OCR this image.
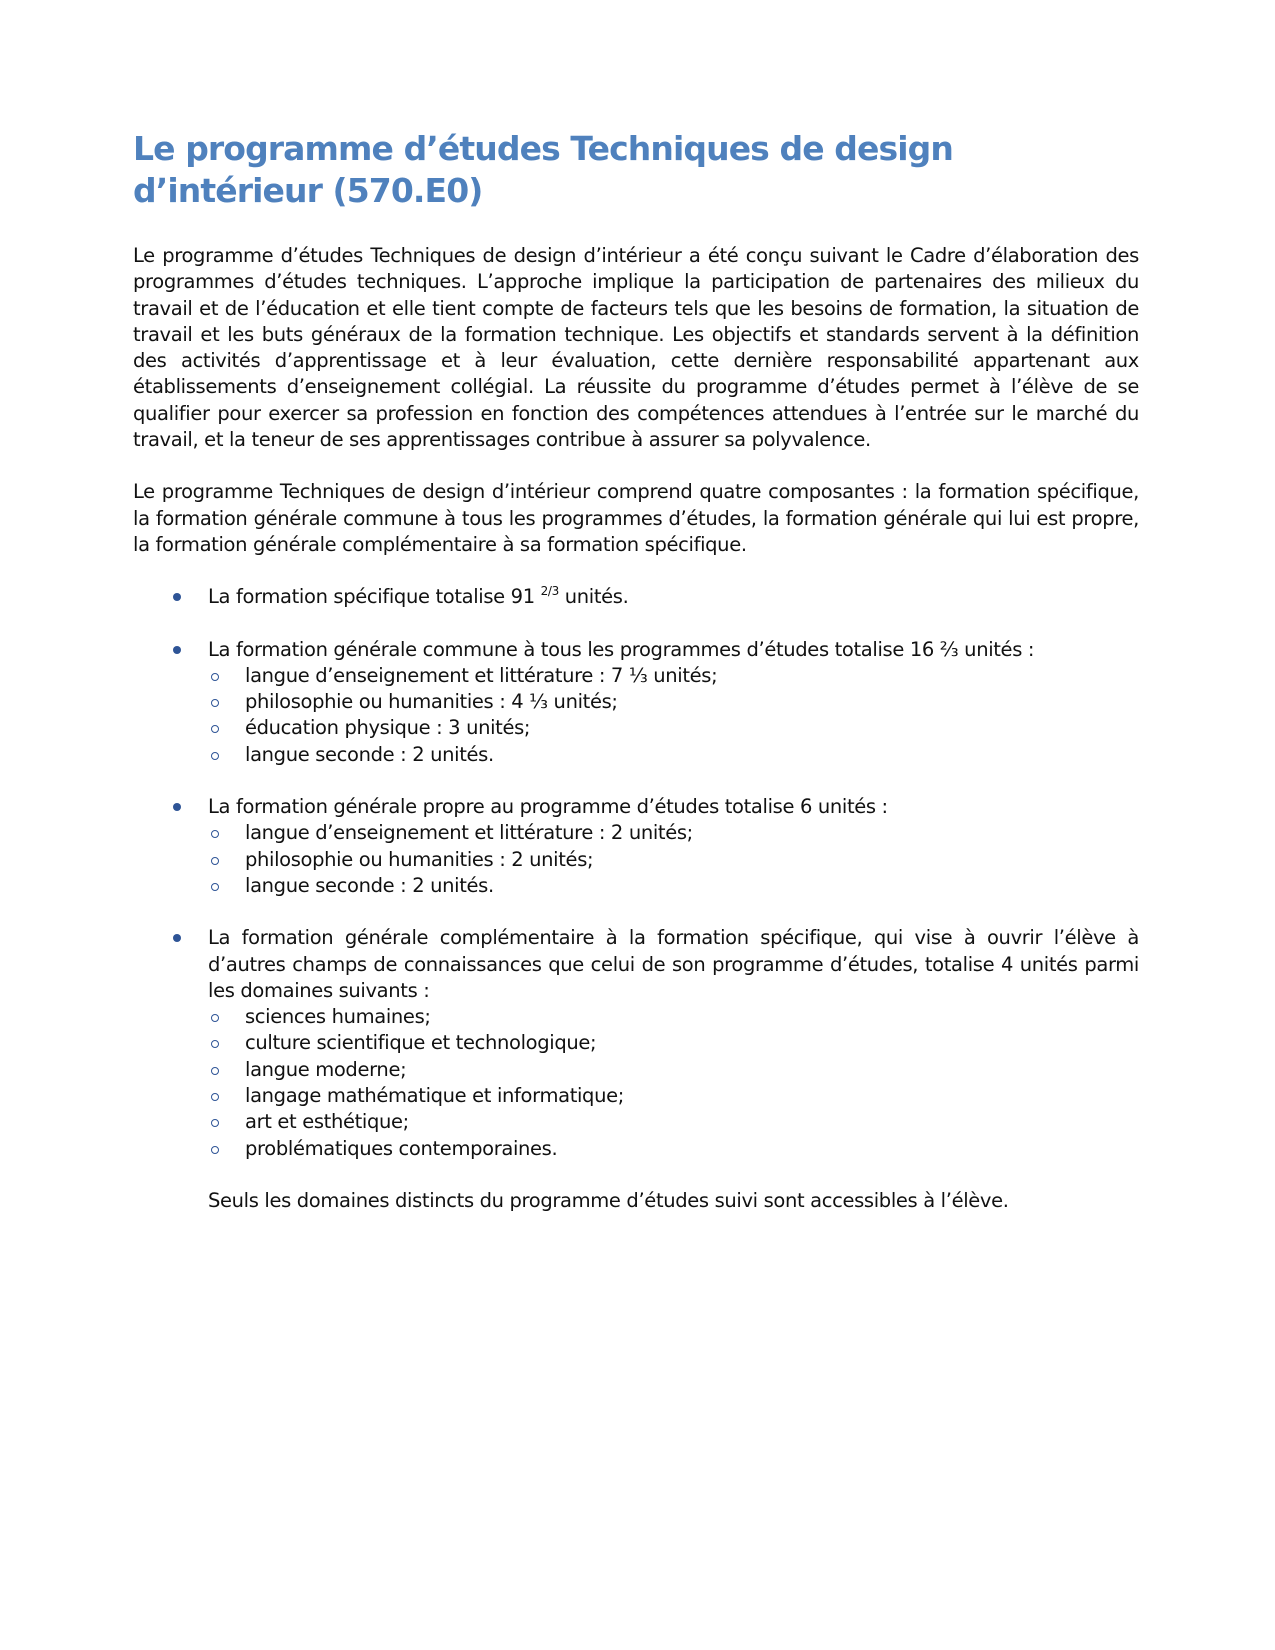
Le programme d’études Techniques de design d’intérieur (570.E0)

Le programme d’études Techniques de design d’intérieur a été conçu suivant le Cadre d’élaboration des programmes d’études techniques. L’approche implique la participation de partenaires des milieux du travail et de l’éducation et elle tient compte de facteurs tels que les besoins de formation, la situation de travail et les buts généraux de la formation technique. Les objectifs et standards servent à la définition des activités d’apprentissage et à leur évaluation, cette dernière responsabilité appartenant aux établissements d’enseignement collégial. La réussite du programme d’études permet à l’élève de se qualifier pour exercer sa profession en fonction des compétences attendues à l’entrée sur le marché du travail, et la teneur de ses apprentissages contribue à assurer sa polyvalence.

Le programme Techniques de design d’intérieur comprend quatre composantes : la formation spécifique, la formation générale commune à tous les programmes d’études, la formation générale qui lui est propre, la formation générale complémentaire à sa formation spécifique.

La formation spécifique totalise 91 $^{2/3}$ unités.
La formation générale commune à tous les programmes d’études totalise 16 ⅔ unités :
langue d’enseignement et littérature : 7 ⅓ unités;
philosophie ou humanities : 4 ⅓ unités;
éducation physique : 3 unités;
langue seconde : 2 unités.
La formation générale propre au programme d’études totalise 6 unités :
langue d’enseignement et littérature : 2 unités;
philosophie ou humanities : 2 unités;
langue seconde : 2 unités.
La formation générale complémentaire à la formation spécifique, qui vise à ouvrir l’élève à d’autres champs de connaissances que celui de son programme d’études, totalise 4 unités parmi les domaines suivants :
sciences humaines;
culture scientifique et technologique;
langue moderne;
langage mathématique et informatique;
art et esthétique;
problématiques contemporaines.
Seuls les domaines distincts du programme d’études suivi sont accessibles à l’élève.
